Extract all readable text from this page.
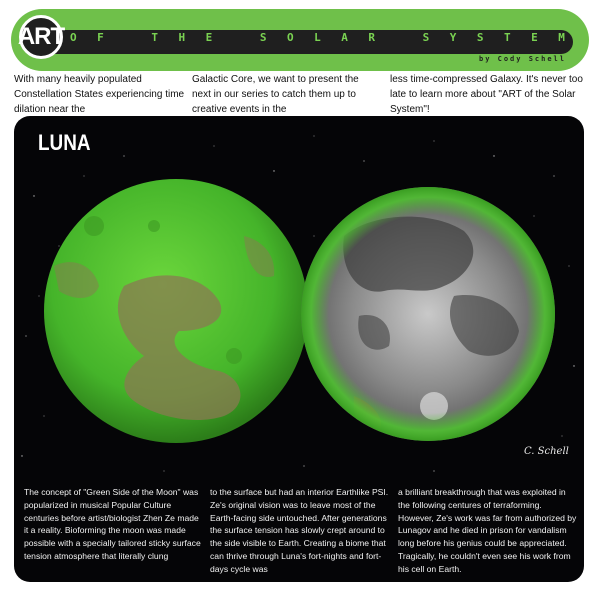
ART OF THE SOLAR SYSTEM
by Cody Schell
With many heavily populated Constellation States experiencing time dilation near the
Galactic Core, we want to present the next in our series to catch them up to creative events in the
less time-compressed Galaxy. It's never too late to learn more about "ART of the Solar System"!
LUNA
C. Schell
The concept of "Green Side of the Moon" was popularized in musical Popular Culture centuries before artist/biologist Zhen Ze made it a reality. Bioforming the moon was made possible with a specially tailored sticky surface tension atmosphere that literally clung
to the surface but had an interior Earthlike PSI. Ze's original vision was to leave most of the Earth-facing side untouched. After generations the surface tension has slowly crept around to the side visible to Earth. Creating a biome that can thrive through Luna's fort-nights and fort-days cycle was
a brilliant breakthrough that was exploited in the following centures of terraforming. However, Ze's work was far from authorized by Lunagov and he died in prison for vandalism long before his genius could be appreciated. Tragically, he couldn't even see his work from his cell on Earth.
